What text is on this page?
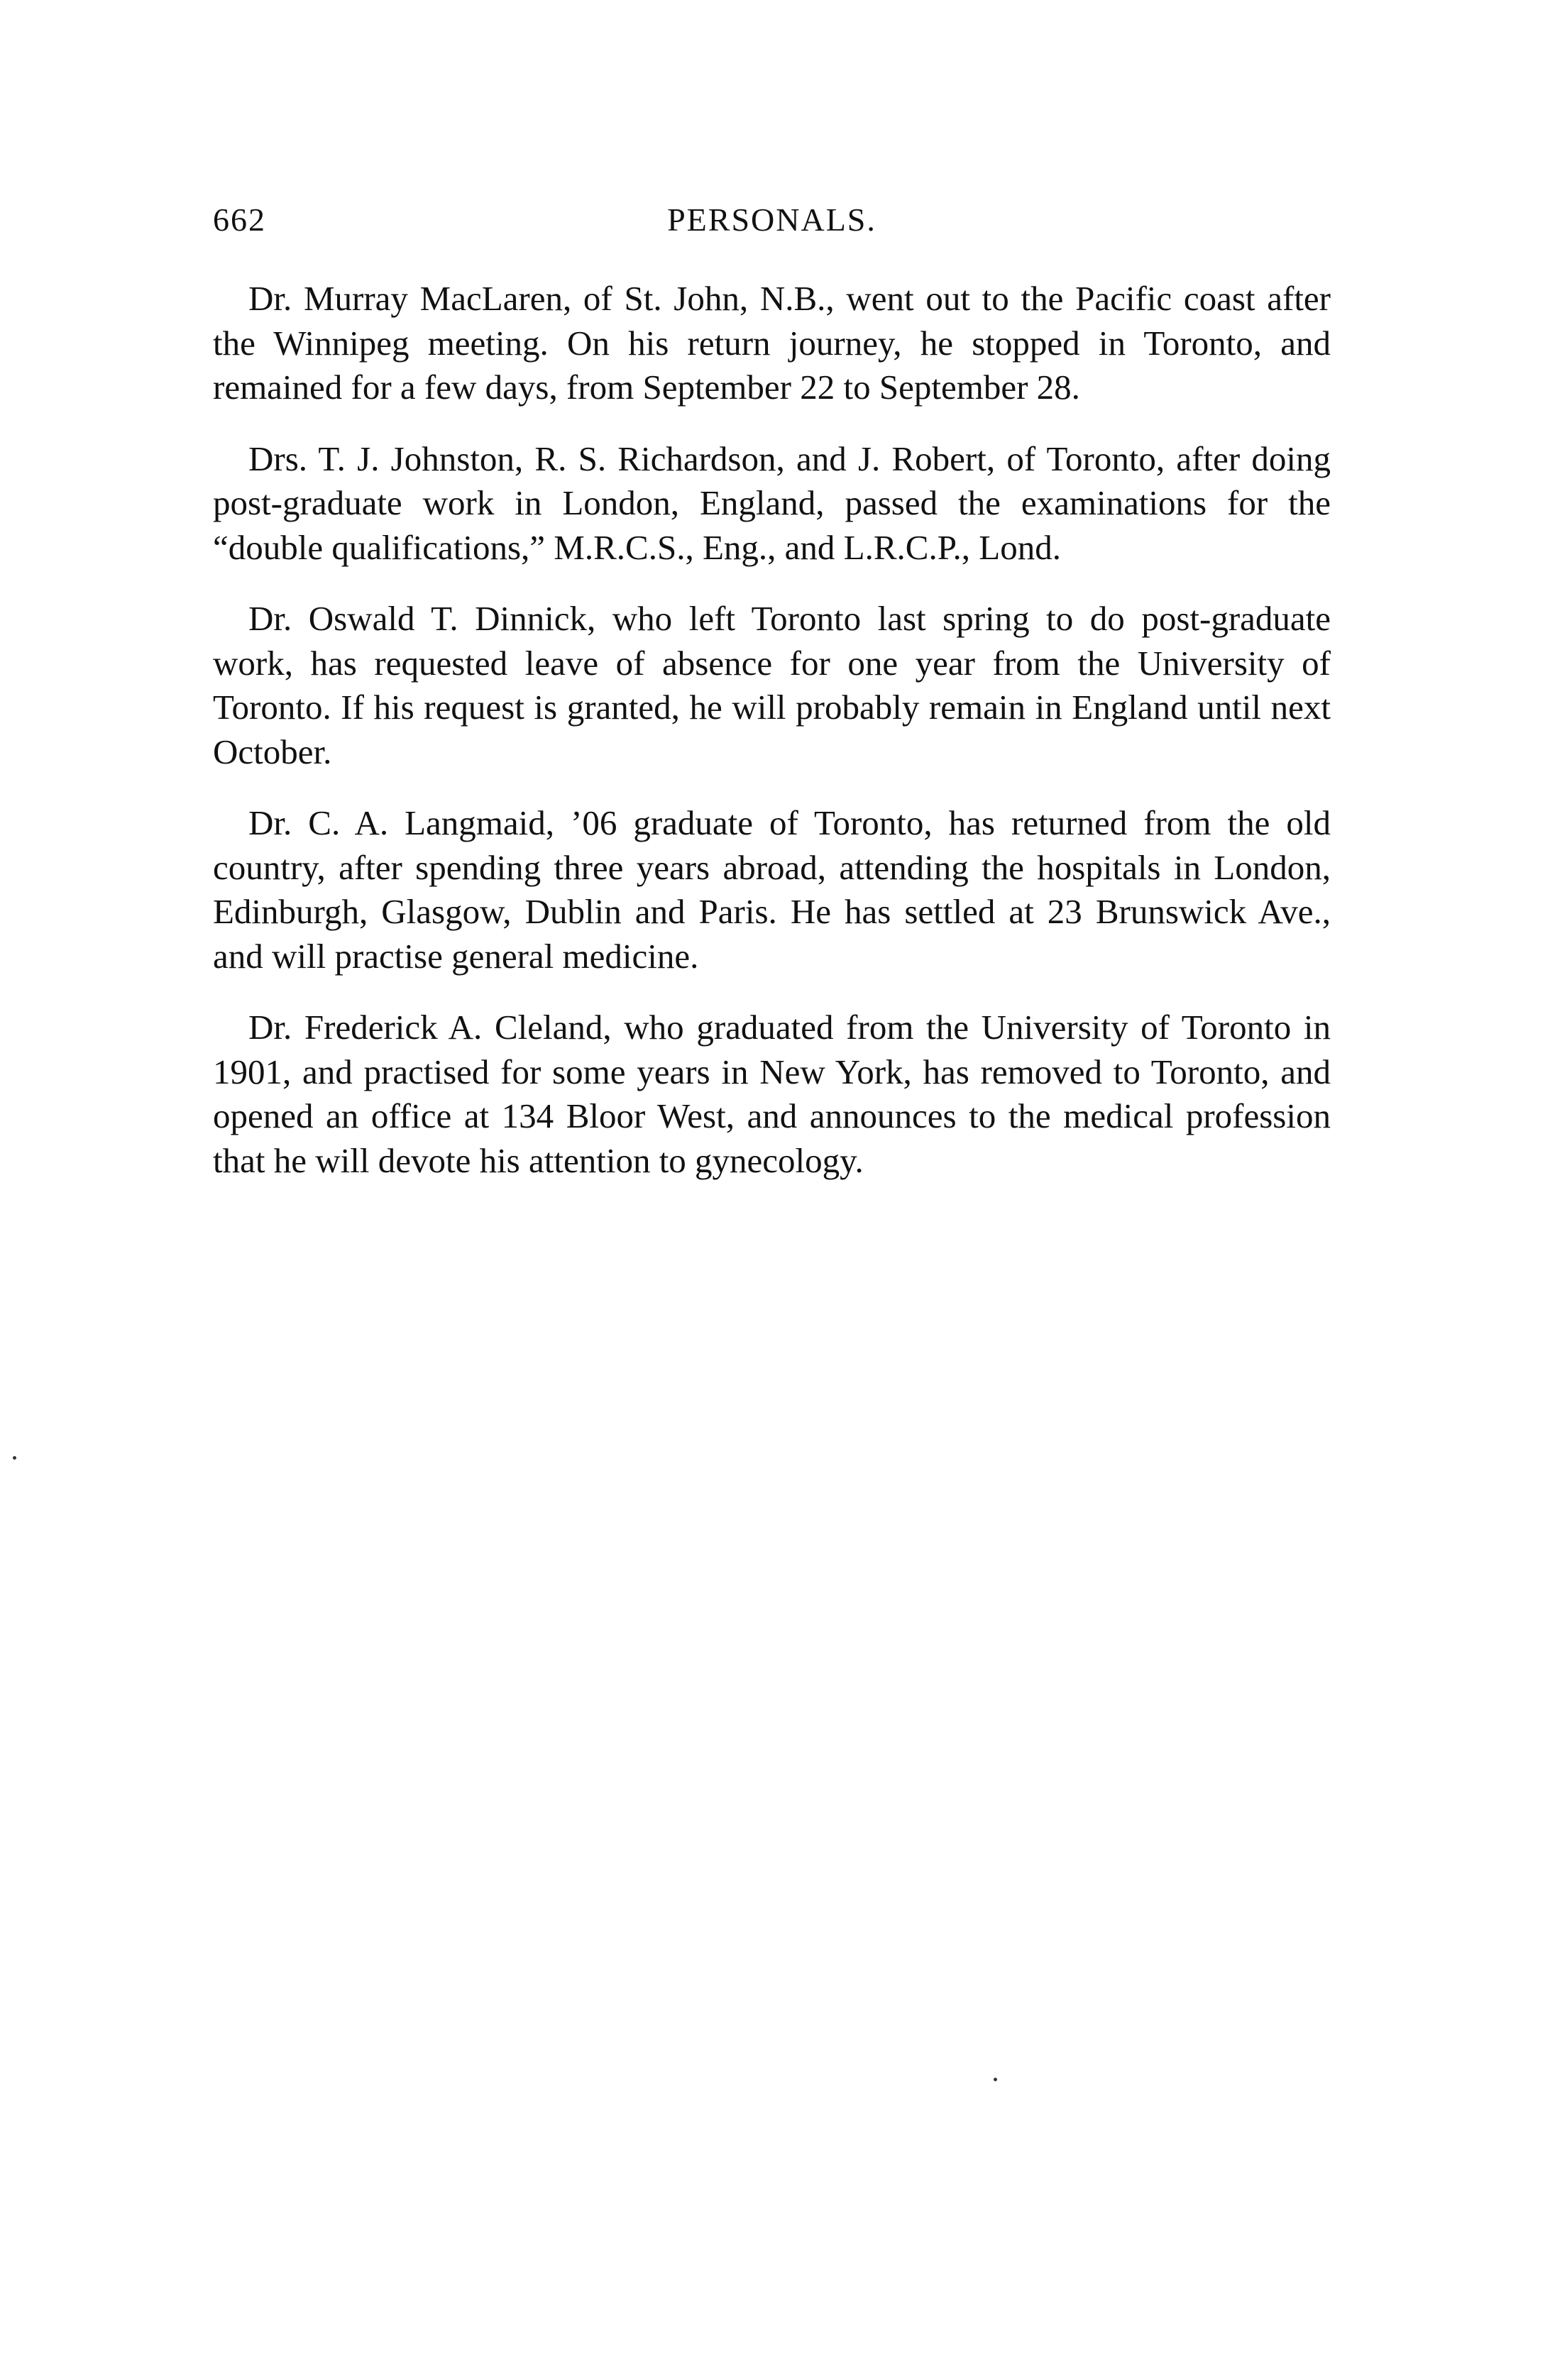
662	PERSONALS.

Dr. Murray MacLaren, of St. John, N.B., went out to the Pacific coast after the Winnipeg meeting. On his return journey, he stopped in Toronto, and remained for a few days, from September 22 to September 28.

Drs. T. J. Johnston, R. S. Richardson, and J. Robert, of Toronto, after doing post-graduate work in London, England, passed the examinations for the “double qualifications,” M.R.C.S., Eng., and L.R.C.P., Lond.

Dr. Oswald T. Dinnick, who left Toronto last spring to do post-graduate work, has requested leave of absence for one year from the University of Toronto. If his request is granted, he will probably remain in England until next October.

Dr. C. A. Langmaid, ’06 graduate of Toronto, has returned from the old country, after spending three years abroad, attending the hospitals in London, Edinburgh, Glasgow, Dublin and Paris. He has settled at 23 Brunswick Ave., and will practise general medicine.

Dr. Frederick A. Cleland, who graduated from the University of Toronto in 1901, and practised for some years in New York, has removed to Toronto, and opened an office at 134 Bloor West, and announces to the medical profession that he will devote his attention to gynecology.
